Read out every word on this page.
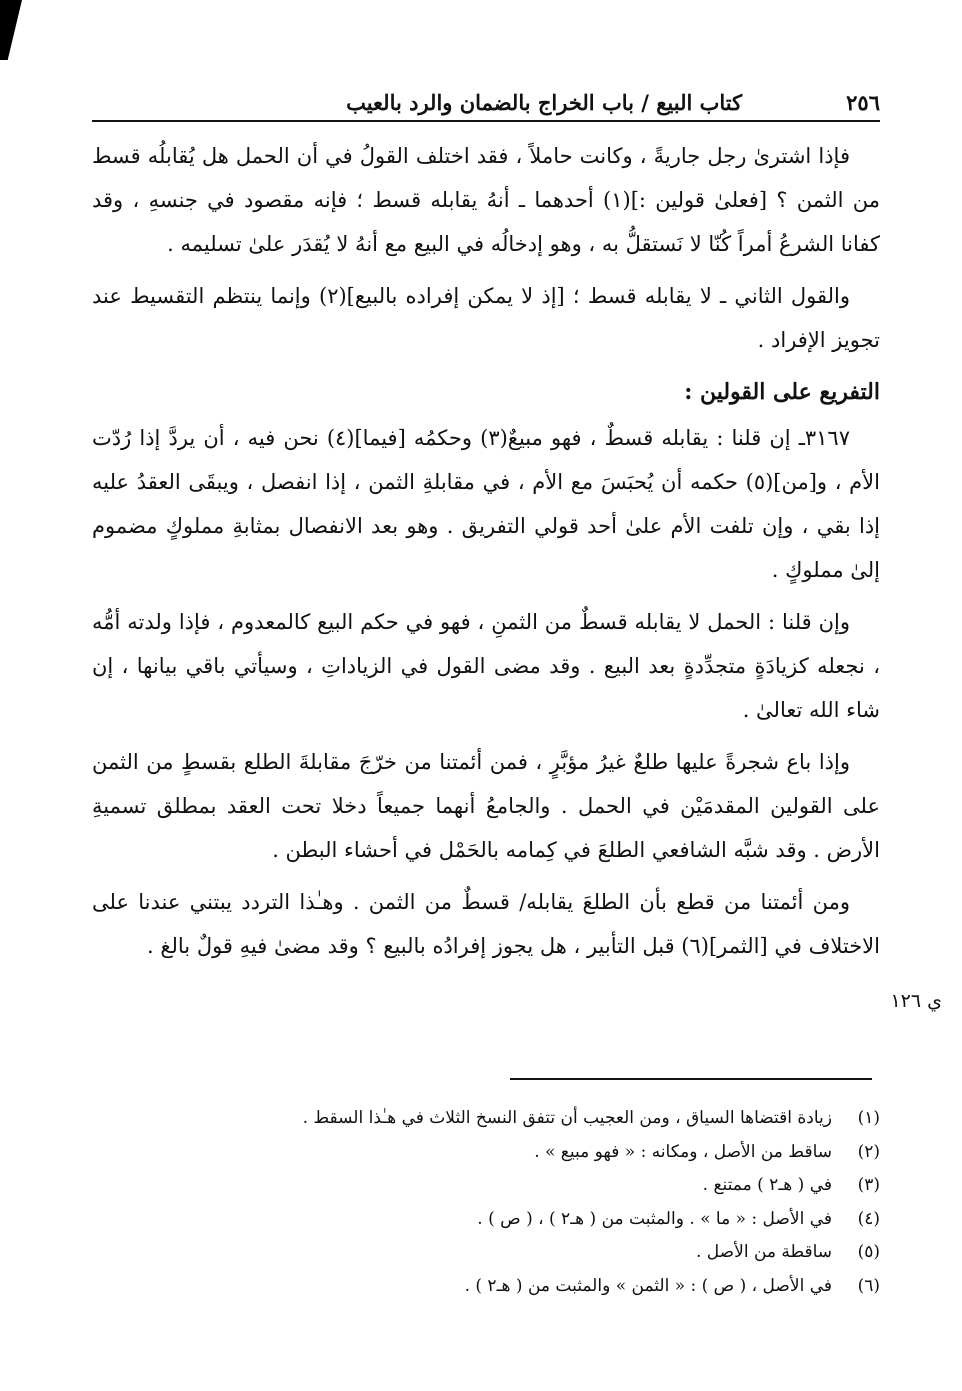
٢٥٦
كتاب البيع / باب الخراج بالضمان والرد بالعيب

فإذا اشترىٰ رجل جاريةً ، وكانت حاملاً ، فقد اختلف القولُ في أن الحمل هل يُقابلُه قسط من الثمن ؟ [فعلىٰ قولين :](١) أحدهما ـ أنهُ يقابله قسط ؛ فإنه مقصود في جنسهِ ، وقد كفانا الشرعُ أمراً كُنّا لا نَستقلُّ به ، وهو إدخالُه في البيع مع أنهُ لا يُقدَر علىٰ تسليمه .

والقول الثاني ـ لا يقابله قسط ؛ [إذ لا يمكن إفراده بالبيع](٢) وإنما ينتظم التقسيط عند تجويز الإفراد .

التفريع على القولين :

٣١٦٧ـ إن قلنا : يقابله قسطٌ ، فهو مبيعٌ(٣) وحكمُه [فيما](٤) نحن فيه ، أن يردَّ إذا رُدّت الأم ، و[من](٥) حكمه أن يُحبَسَ مع الأم ، في مقابلةِ الثمن ، إذا انفصل ، ويبقَى العقدُ عليه إذا بقي ، وإن تلفت الأم علىٰ أحد قولي التفريق . وهو بعد الانفصال بمثابةِ مملوكٍ مضموم إلىٰ مملوكٍ .

وإن قلنا : الحمل لا يقابله قسطٌ من الثمنِ ، فهو في حكم البيع كالمعدوم ، فإذا ولدته أمُّه ، نجعله كزيادَةٍ متجدِّدةٍ بعد البيع . وقد مضى القول في الزياداتِ ، وسيأتي باقي بيانها ، إن شاء الله تعالىٰ .

وإذا باع شجرةً عليها طلعٌ غيرُ مؤبَّرٍ ، فمن أئمتنا من خرّجَ مقابلةَ الطلع بقسطٍ من الثمن على القولين المقدمَيْن في الحمل . والجامعُ أنهما جميعاً دخلا تحت العقد بمطلق تسميةِ الأرض . وقد شبَّه الشافعي الطلعَ في كِمامه بالحَمْل في أحشاء البطن .

ومن أئمتنا من قطع بأن الطلعَ يقابله/ قسطٌ من الثمن . وهـٰذا التردد يبتني عندنا على الاختلاف في [الثمر](٦) قبل التأبير ، هل يجوز إفرادُه بالبيع ؟ وقد مضىٰ فيهِ قولٌ بالغ .

ي ١٢٦
(١)
زيادة اقتضاها السياق ، ومن العجيب أن تتفق النسخ الثلاث في هـٰذا السقط .
(٢)
ساقط من الأصل ، ومكانه : « فهو مبيع » .
(٣)
في ( هـ٢ ) ممتنع .
(٤)
في الأصل : « ما » . والمثبت من ( هـ٢ ) ، ( ص ) .
(٥)
ساقطة من الأصل .
(٦)
في الأصل ، ( ص ) : « الثمن » والمثبت من ( هـ٢ ) .
